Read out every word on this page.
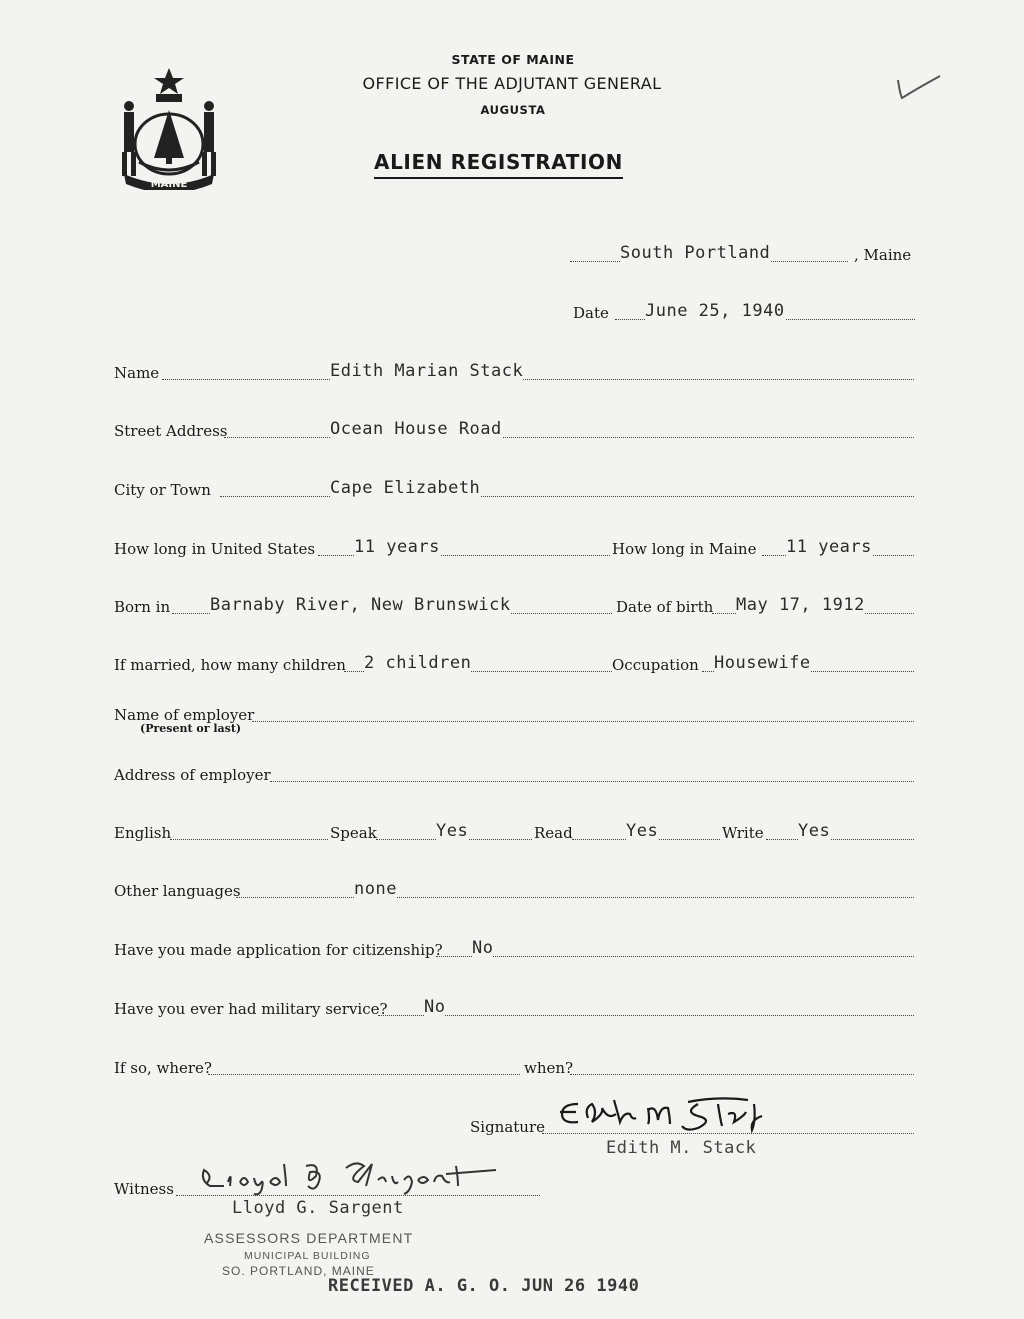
MAINE
STATE OF MAINE
OFFICE OF THE ADJUTANT GENERAL
AUGUSTA
ALIEN REGISTRATION
South Portland	, Maine
Date June 25, 1940
Name	Edith Marian Stack
Street Address	Ocean House Road
City or Town	Cape Elizabeth
How long in United States 11 years	How long in Maine 11 years
Born in Barnaby River, New Brunswick	Date of birth May 17, 1912
If married, how many children 2 children	Occupation Housewife
Name of employer
(Present or last)
Address of employer
English	Speak	Yes	Read	Yes	Write Yes
Other languages	none
Have you made application for citizenship? No
Have you ever had military service? No
If so, where?	when?
Signature
Edith M. Stack
Witness
Lloyd G. Sargent
ASSESSORS DEPARTMENT
MUNICIPAL BUILDING
SO. PORTLAND, MAINE
RECEIVED A. G. O. JUN 26 1940
